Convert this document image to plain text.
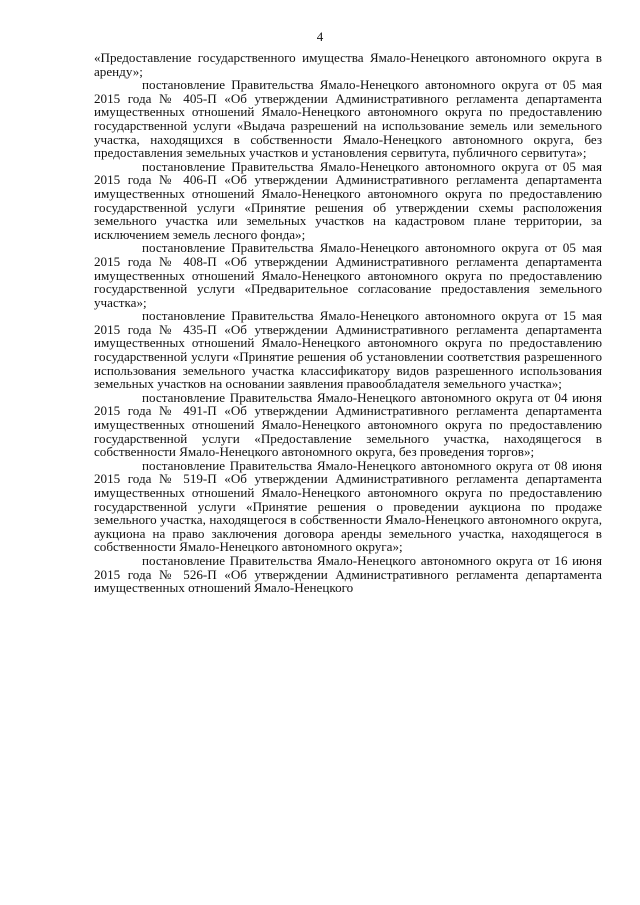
4

«Предоставление государственного имущества Ямало-Ненецкого автономного округа в аренду»;

постановление Правительства Ямало-Ненецкого автономного округа от 05 мая 2015 года № 405-П «Об утверждении Административного регламента департамента имущественных отношений Ямало-Ненецкого автономного округа по предоставлению государственной услуги «Выдача разрешений на использование земель или земельного участка, находящихся в собственности Ямало-Ненецкого автономного округа, без предоставления земельных участков и установления сервитута, публичного сервитута»;

постановление Правительства Ямало-Ненецкого автономного округа от 05 мая 2015 года № 406-П «Об утверждении Административного регламента департамента имущественных отношений Ямало-Ненецкого автономного округа по предоставлению государственной услуги «Принятие решения об утверждении схемы расположения земельного участка или земельных участков на кадастровом плане территории, за исключением земель лесного фонда»;

постановление Правительства Ямало-Ненецкого автономного округа от 05 мая 2015 года № 408-П «Об утверждении Административного регламента департамента имущественных отношений Ямало-Ненецкого автономного округа по предоставлению государственной услуги «Предварительное согласование предоставления земельного участка»;

постановление Правительства Ямало-Ненецкого автономного округа от 15 мая 2015 года № 435-П «Об утверждении Административного регламента департамента имущественных отношений Ямало-Ненецкого автономного округа по предоставлению государственной услуги «Принятие решения об установлении соответствия разрешенного использования земельного участка классификатору видов разрешенного использования земельных участков на основании заявления правообладателя земельного участка»;

постановление Правительства Ямало-Ненецкого автономного округа от 04 июня 2015 года № 491-П «Об утверждении Административного регламента департамента имущественных отношений Ямало-Ненецкого автономного округа по предоставлению государственной услуги «Предоставление земельного участка, находящегося в собственности Ямало-Ненецкого автономного округа, без проведения торгов»;

постановление Правительства Ямало-Ненецкого автономного округа от 08 июня 2015 года № 519-П «Об утверждении Административного регламента департамента имущественных отношений Ямало-Ненецкого автономного округа по предоставлению государственной услуги «Принятие решения о проведении аукциона по продаже земельного участка, находящегося в собственности Ямало-Ненецкого автономного округа, аукциона на право заключения договора аренды земельного участка, находящегося в собственности Ямало-Ненецкого автономного округа»;

постановление Правительства Ямало-Ненецкого автономного округа от 16 июня 2015 года № 526-П «Об утверждении Административного регламента департамента имущественных отношений Ямало-Ненецкого
